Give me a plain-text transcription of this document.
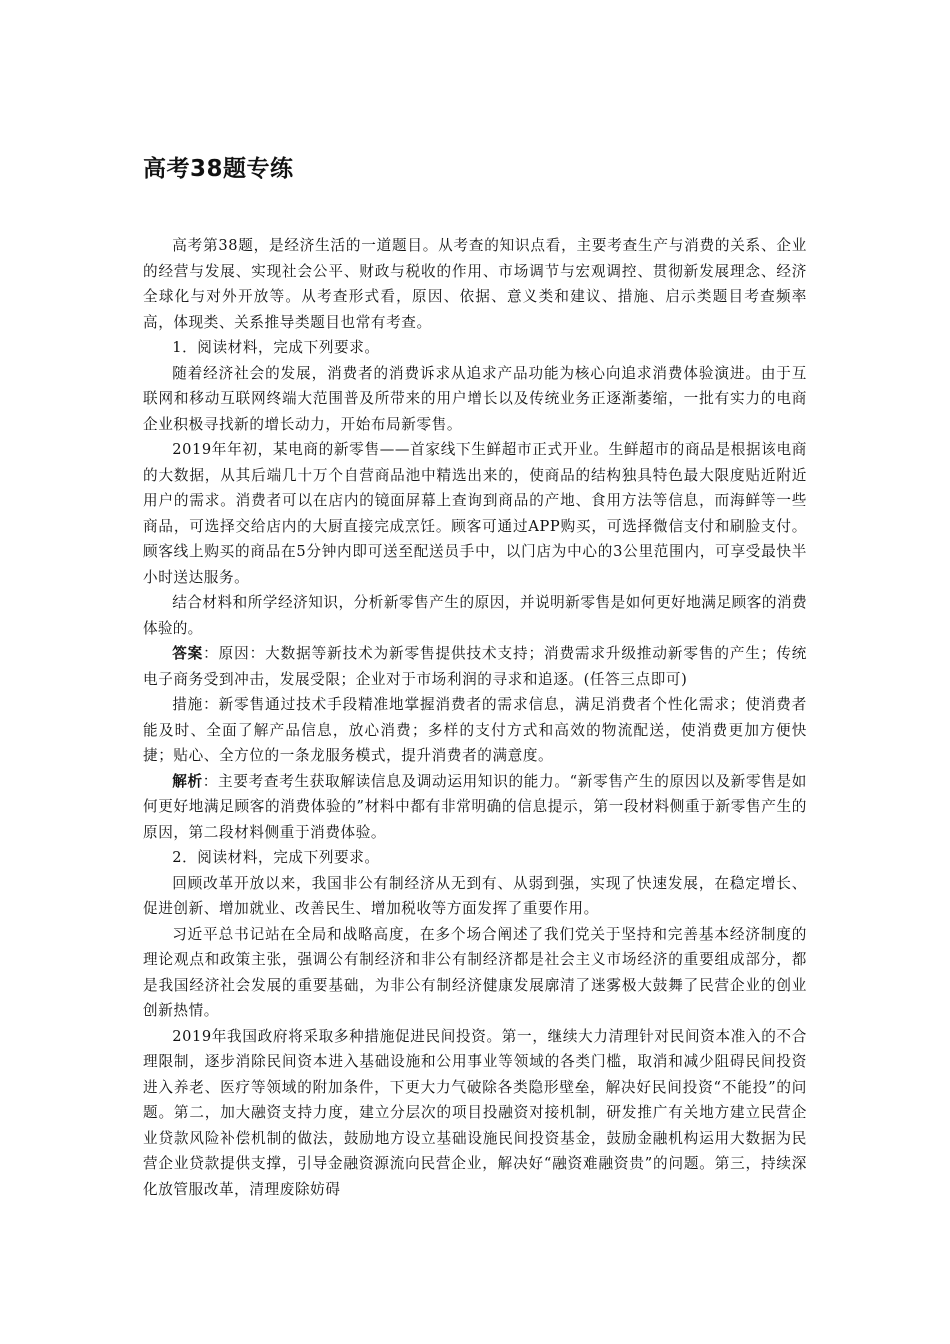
高考38题专练

高考第38题，是经济生活的一道题目。从考查的知识点看，主要考查生产与消费的关系、企业的经营与发展、实现社会公平、财政与税收的作用、市场调节与宏观调控、贯彻新发展理念、经济全球化与对外开放等。从考查形式看，原因、依据、意义类和建议、措施、启示类题目考查频率高，体现类、关系推导类题目也常有考查。

1．阅读材料，完成下列要求。

随着经济社会的发展，消费者的消费诉求从追求产品功能为核心向追求消费体验演进。由于互联网和移动互联网终端大范围普及所带来的用户增长以及传统业务正逐渐萎缩，一批有实力的电商企业积极寻找新的增长动力，开始布局新零售。

2019年年初，某电商的新零售——首家线下生鲜超市正式开业。生鲜超市的商品是根据该电商的大数据，从其后端几十万个自营商品池中精选出来的，使商品的结构独具特色最大限度贴近附近用户的需求。消费者可以在店内的镜面屏幕上查询到商品的产地、食用方法等信息，而海鲜等一些商品，可选择交给店内的大厨直接完成烹饪。顾客可通过APP购买，可选择微信支付和刷脸支付。顾客线上购买的商品在5分钟内即可送至配送员手中，以门店为中心的3公里范围内，可享受最快半小时送达服务。

结合材料和所学经济知识，分析新零售产生的原因，并说明新零售是如何更好地满足顾客的消费体验的。

答案：原因：大数据等新技术为新零售提供技术支持；消费需求升级推动新零售的产生；传统电子商务受到冲击，发展受限；企业对于市场利润的寻求和追逐。(任答三点即可)

措施：新零售通过技术手段精准地掌握消费者的需求信息，满足消费者个性化需求；使消费者能及时、全面了解产品信息，放心消费；多样的支付方式和高效的物流配送，使消费更加方便快捷；贴心、全方位的一条龙服务模式，提升消费者的满意度。

解析：主要考查考生获取解读信息及调动运用知识的能力。“新零售产生的原因以及新零售是如何更好地满足顾客的消费体验的”材料中都有非常明确的信息提示，第一段材料侧重于新零售产生的原因，第二段材料侧重于消费体验。

2．阅读材料，完成下列要求。

回顾改革开放以来，我国非公有制经济从无到有、从弱到强，实现了快速发展，在稳定增长、促进创新、增加就业、改善民生、增加税收等方面发挥了重要作用。

习近平总书记站在全局和战略高度，在多个场合阐述了我们党关于坚持和完善基本经济制度的理论观点和政策主张，强调公有制经济和非公有制经济都是社会主义市场经济的重要组成部分，都是我国经济社会发展的重要基础，为非公有制经济健康发展廓清了迷雾极大鼓舞了民营企业的创业创新热情。

2019年我国政府将采取多种措施促进民间投资。第一，继续大力清理针对民间资本准入的不合理限制，逐步消除民间资本进入基础设施和公用事业等领域的各类门槛，取消和减少阻碍民间投资进入养老、医疗等领域的附加条件，下更大力气破除各类隐形壁垒，解决好民间投资“不能投”的问题。第二，加大融资支持力度，建立分层次的项目投融资对接机制，研发推广有关地方建立民营企业贷款风险补偿机制的做法，鼓励地方设立基础设施民间投资基金，鼓励金融机构运用大数据为民营企业贷款提供支撑，引导金融资源流向民营企业，解决好“融资难融资贵”的问题。第三，持续深化放管服改革，清理废除妨碍
